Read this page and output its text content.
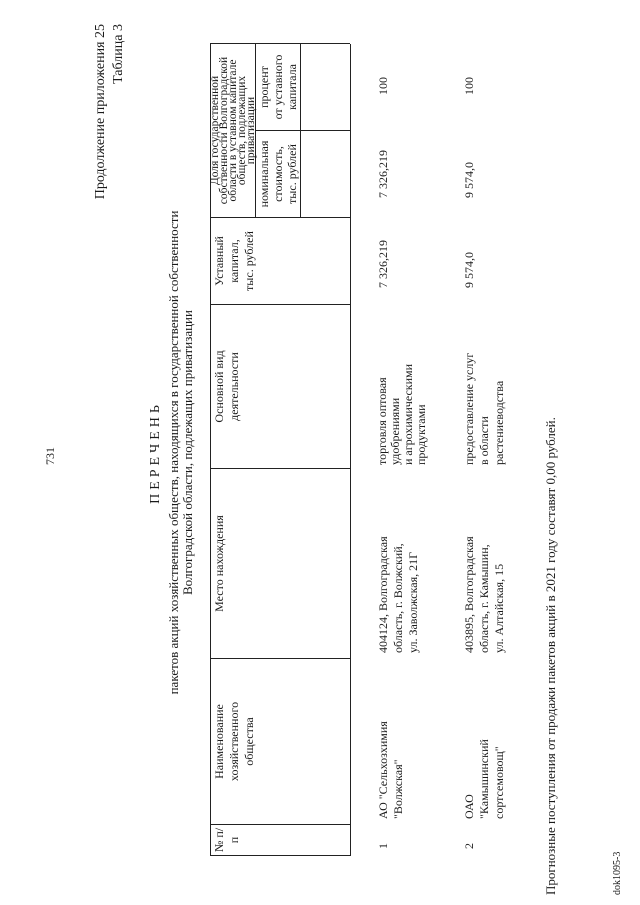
731
Продолжение приложения 25 Таблица 3
ПЕРЕЧЕНЬ пакетов акций хозяйственных обществ, находящихся в государственной собственности Волгоградской области, подлежащих приватизации
№ п/п
Наименование хозяйственного общества
Место нахождения
Основной вид деятельности
Уставный капитал, тыс. рублей
Доля государственной
собственности Волгоградской
области в уставном капитале
обществ, подлежащих
приватизации
номинальная стоимость, тыс. рублей
процент от уставного капитала
1
АО "Сельхозхимия "Волжская"
404124, Волгоградская область, г. Волжский, ул. Заволжская, 21Г
торговля оптовая удобрениями и агрохимическими продуктами
7 326,219
7 326,219
100
2
ОАО "Камышинский сортсемовощ"
403895, Волгоградская область, г. Камышин, ул. Алтайская, 15
предоставление услуг в области растениеводства
9 574,0
9 574,0
100
Прогнозные поступления от продажи пакетов акций в 2021 году составят 0,00 рублей.	dok1095-3
